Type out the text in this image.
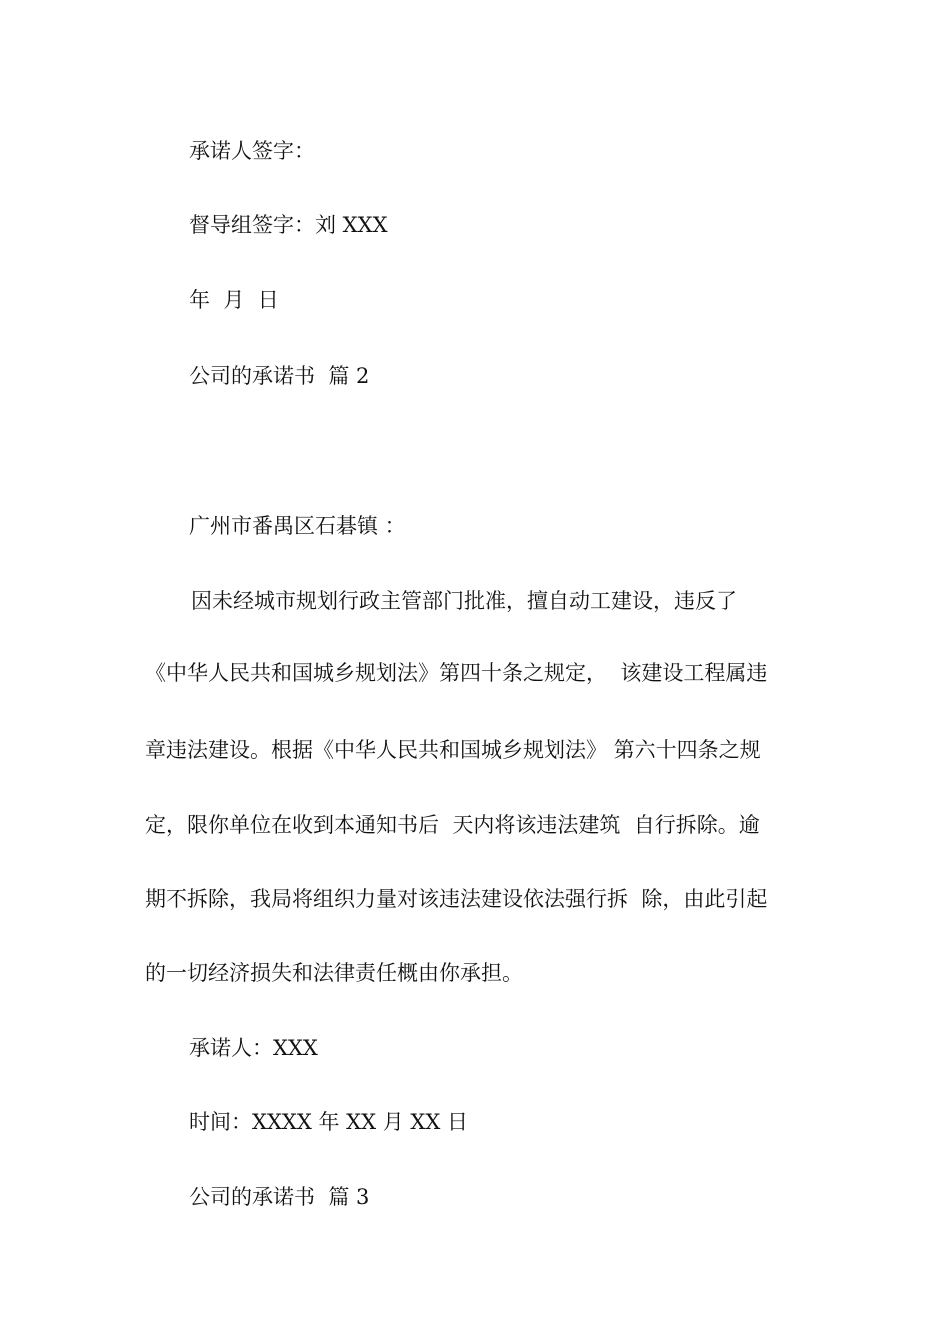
承诺人签字：
督导组签字：刘 XXX
年  月  日
公司的承诺书  篇 2
广州市番禺区石碁镇 ：
因未经城市规划行政主管部门批准，擅自动工建设，违反了
《中华人民共和国城乡规划法》第四十条之规定，  该建设工程属违
章违法建设。根据《中华人民共和国城乡规划法》 第六十四条之规
定，限你单位在收到本通知书后  天内将该违法建筑  自行拆除。逾
期不拆除，我局将组织力量对该违法建设依法强行拆  除，由此引起
的一切经济损失和法律责任概由你承担。
承诺人：XXX
时间：XXXX 年 XX 月 XX 日
公司的承诺书  篇 3
